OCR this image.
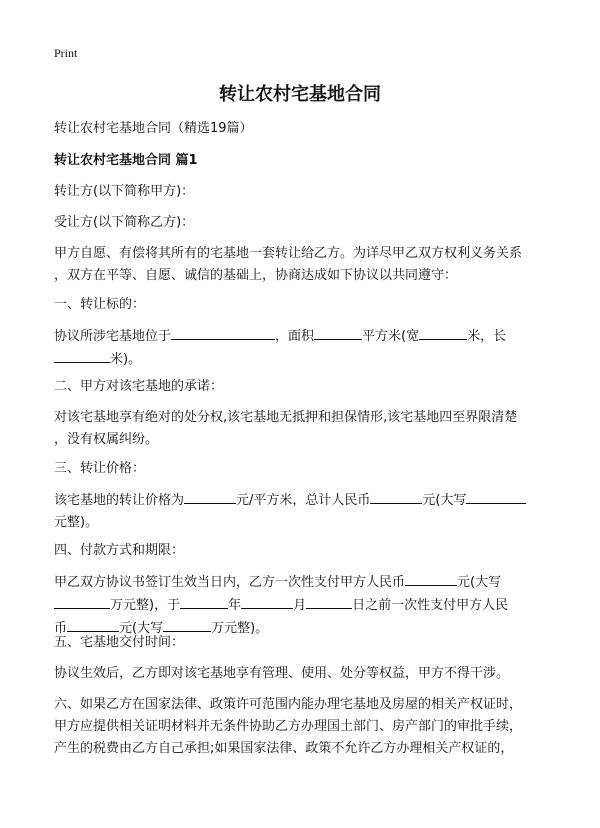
Print
转让农村宅基地合同
转让农村宅基地合同（精选19篇）
转让农村宅基地合同 篇1
转让方(以下简称甲方)：
受让方(以下简称乙方)：
甲方自愿、有偿将其所有的宅基地一套转让给乙方。为详尽甲乙双方权利义务关系
，双方在平等、自愿、诚信的基础上，协商达成如下协议以共同遵守：
一、转让标的：
协议所涉宅基地位于	，面积	平方米(宽	米，长
米)。
二、甲方对该宅基地的承诺：
对该宅基地享有绝对的处分权,该宅基地无抵押和担保情形,该宅基地四至界限清楚
，没有权属纠纷。
三、转让价格：
该宅基地的转让价格为	元/平方米，总计人民币	元(大写
元整)。
四、付款方式和期限：
甲乙双方协议书签订生效当日内，乙方一次性支付甲方人民币	元(大写
万元整)，于	年	月	日之前一次性支付甲方人民
币	元(大写	万元整)。
五、宅基地交付时间：
协议生效后，乙方即对该宅基地享有管理、使用、处分等权益，甲方不得干涉。
六、如果乙方在国家法律、政策许可范围内能办理宅基地及房屋的相关产权证时，
甲方应提供相关证明材料并无条件协助乙方办理国土部门、房产部门的审批手续，
产生的税费由乙方自己承担;如果国家法律、政策不允许乙方办理相关产权证的，
